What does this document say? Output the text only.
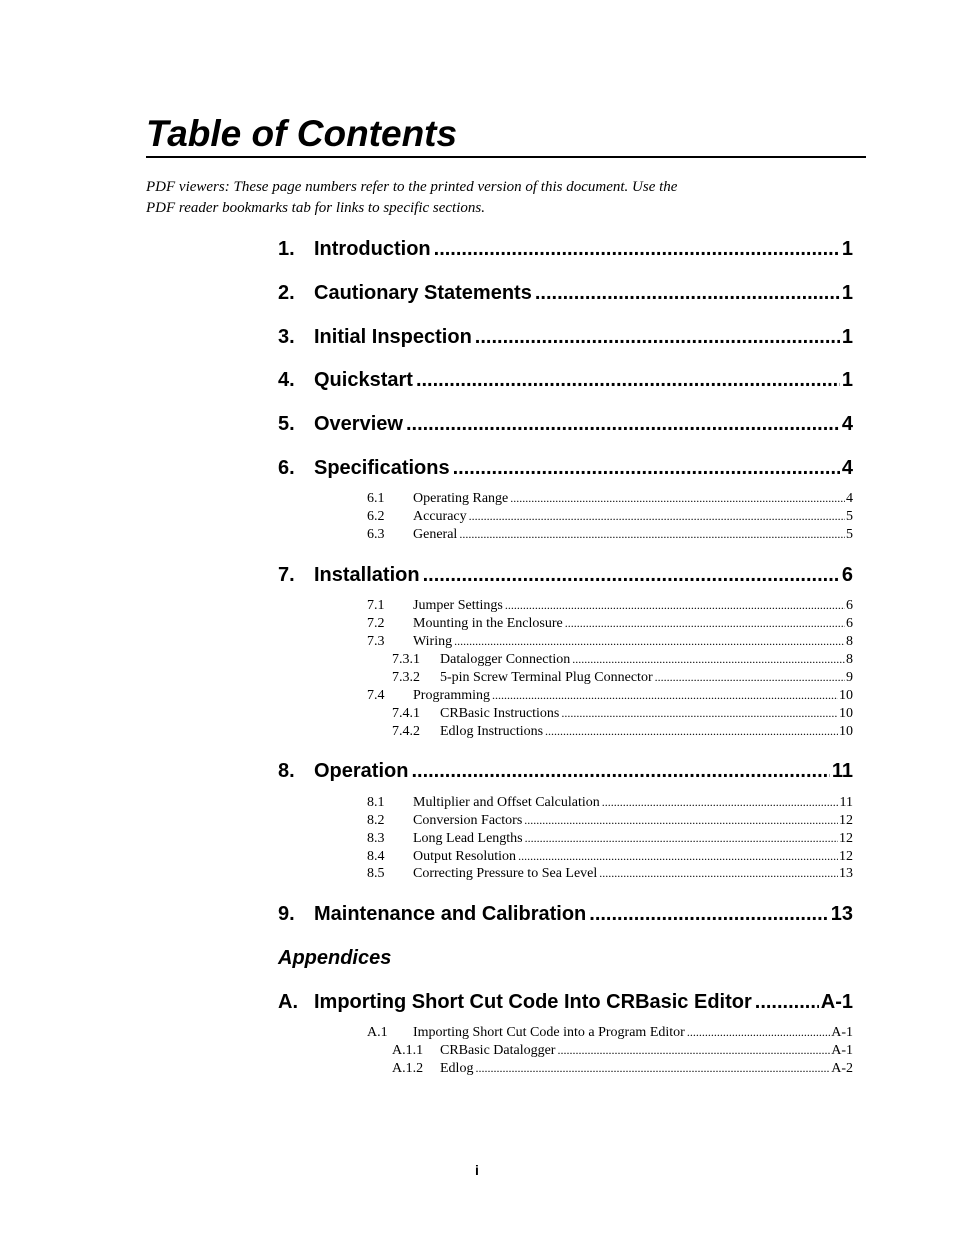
Table of Contents

PDF viewers: These page numbers refer to the printed version of this document. Use the

PDF reader bookmarks tab for links to specific sections.

1. Introduction .....	1
2. Cautionary Statements .....	1
3. Initial Inspection .....	1
4. Quickstart .....	1
5. Overview .....	4
6. Specifications .....	4
6.1	Operating Range .....	4
6.2	Accuracy .....	5
6.3	General .....	5
7. Installation .....	6
7.1	Jumper Settings .....	6
7.2	Mounting in the Enclosure .....	6
7.3	Wiring .....	8
7.3.1	Datalogger Connection .....	8
7.3.2	5-pin Screw Terminal Plug Connector .....	9
7.4	Programming .....	10
7.4.1	CRBasic Instructions .....	10
7.4.2	Edlog Instructions .....	10
8. Operation .....	11
8.1	Multiplier and Offset Calculation .....	11
8.2	Conversion Factors .....	12
8.3	Long Lead Lengths .....	12
8.4	Output Resolution .....	12
8.5	Correcting Pressure to Sea Level .....	13
9. Maintenance and Calibration .....	13
Appendices
A. Importing Short Cut Code Into CRBasic Editor .....	A-1
A.1	Importing Short Cut Code into a Program Editor .....	A-1
A.1.1	CRBasic Datalogger .....	A-1
A.1.2	Edlog .....	A-2
i
